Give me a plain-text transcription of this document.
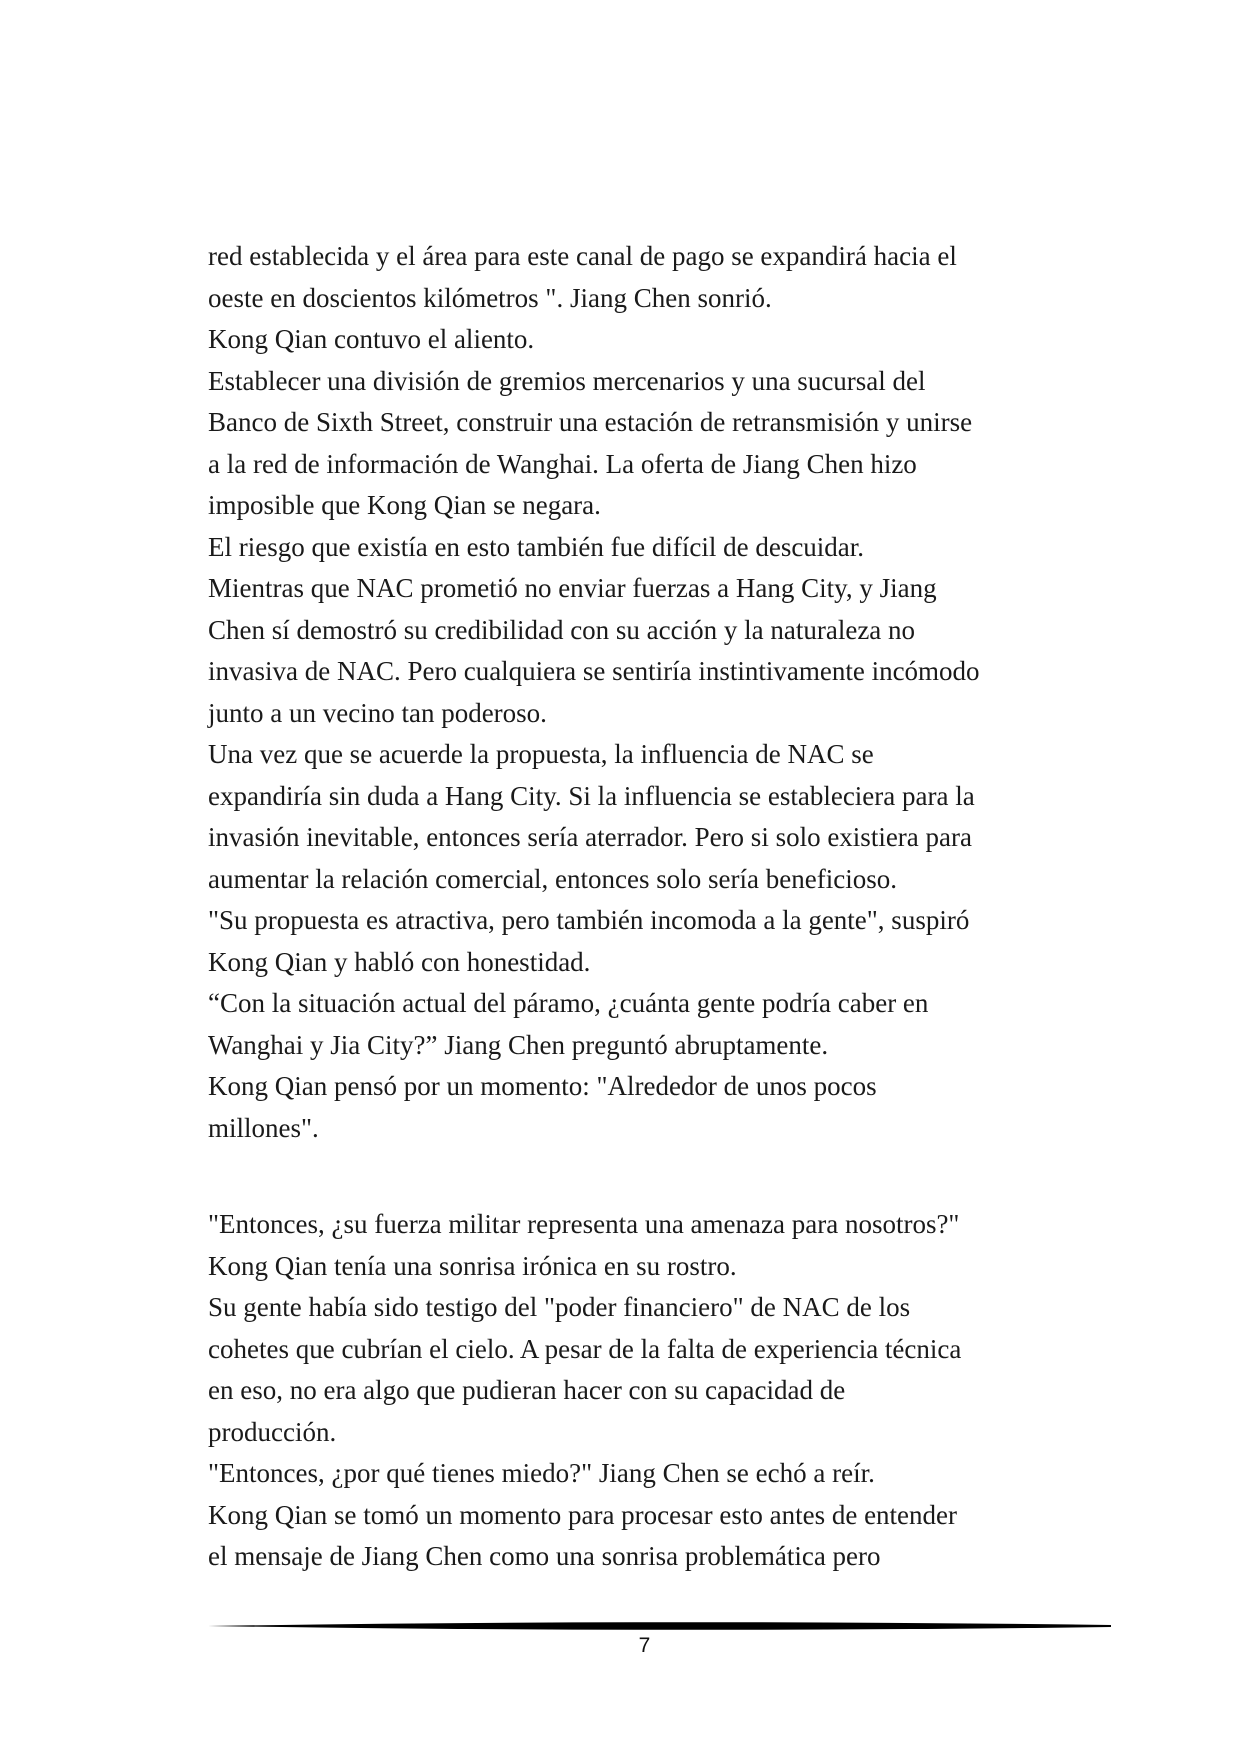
red establecida y el área para este canal de pago se expandirá hacia el
oeste en doscientos kilómetros ". Jiang Chen sonrió.
Kong Qian contuvo el aliento.
Establecer una división de gremios mercenarios y una sucursal del
Banco de Sixth Street, construir una estación de retransmisión y unirse
a la red de información de Wanghai. La oferta de Jiang Chen hizo
imposible que Kong Qian se negara.
El riesgo que existía en esto también fue difícil de descuidar.
Mientras que NAC prometió no enviar fuerzas a Hang City, y Jiang
Chen sí demostró su credibilidad con su acción y la naturaleza no
invasiva de NAC. Pero cualquiera se sentiría instintivamente incómodo
junto a un vecino tan poderoso.
Una vez que se acuerde la propuesta, la influencia de NAC se
expandiría sin duda a Hang City. Si la influencia se estableciera para la
invasión inevitable, entonces sería aterrador. Pero si solo existiera para
aumentar la relación comercial, entonces solo sería beneficioso.
"Su propuesta es atractiva, pero también incomoda a la gente", suspiró
Kong Qian y habló con honestidad.
“Con la situación actual del páramo, ¿cuánta gente podría caber en
Wanghai y Jia City?” Jiang Chen preguntó abruptamente.
Kong Qian pensó por un momento: "Alrededor de unos pocos
millones".
"Entonces, ¿su fuerza militar representa una amenaza para nosotros?"
Kong Qian tenía una sonrisa irónica en su rostro.
Su gente había sido testigo del "poder financiero" de NAC de los
cohetes que cubrían el cielo. A pesar de la falta de experiencia técnica
en eso, no era algo que pudieran hacer con su capacidad de
producción.
"Entonces, ¿por qué tienes miedo?" Jiang Chen se echó a reír.
Kong Qian se tomó un momento para procesar esto antes de entender
el mensaje de Jiang Chen como una sonrisa problemática pero
7
